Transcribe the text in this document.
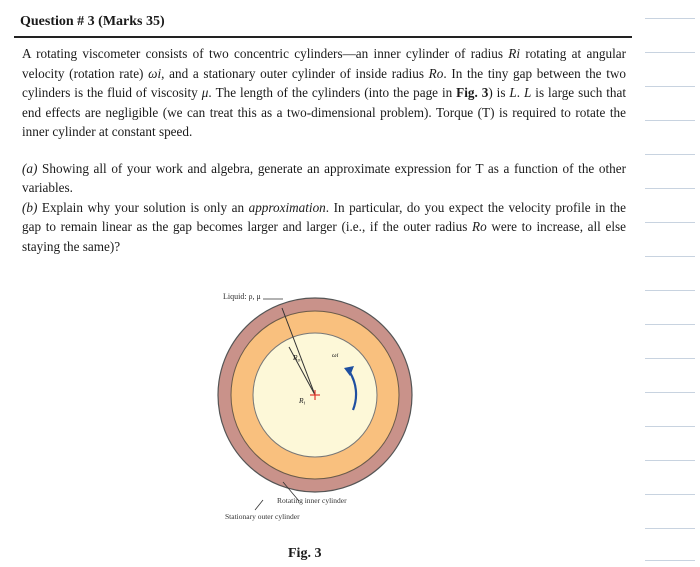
Question # 3 (Marks 35)

A rotating viscometer consists of two concentric cylinders—an inner cylinder of radius Ri rotating at angular velocity (rotation rate) ωi, and a stationary outer cylinder of inside radius Ro. In the tiny gap between the two cylinders is the fluid of viscosity μ. The length of the cylinders (into the page in Fig. 3) is L. L is large such that end effects are negligible (we can treat this as a two-dimensional problem). Torque (T) is required to rotate the inner cylinder at constant speed.

(a) Showing all of your work and algebra, generate an approximate expression for T as a function of the other variables.

(b) Explain why your solution is only an approximation. In particular, do you expect the velocity profile in the gap to remain linear as the gap becomes larger and larger (i.e., if the outer radius Ro were to increase, all else staying the same)?

Liquid: ρ, μ
$R_o$
$R_i$
ωi
Rotating inner cylinder
Stationary outer cylinder
Fig. 3
